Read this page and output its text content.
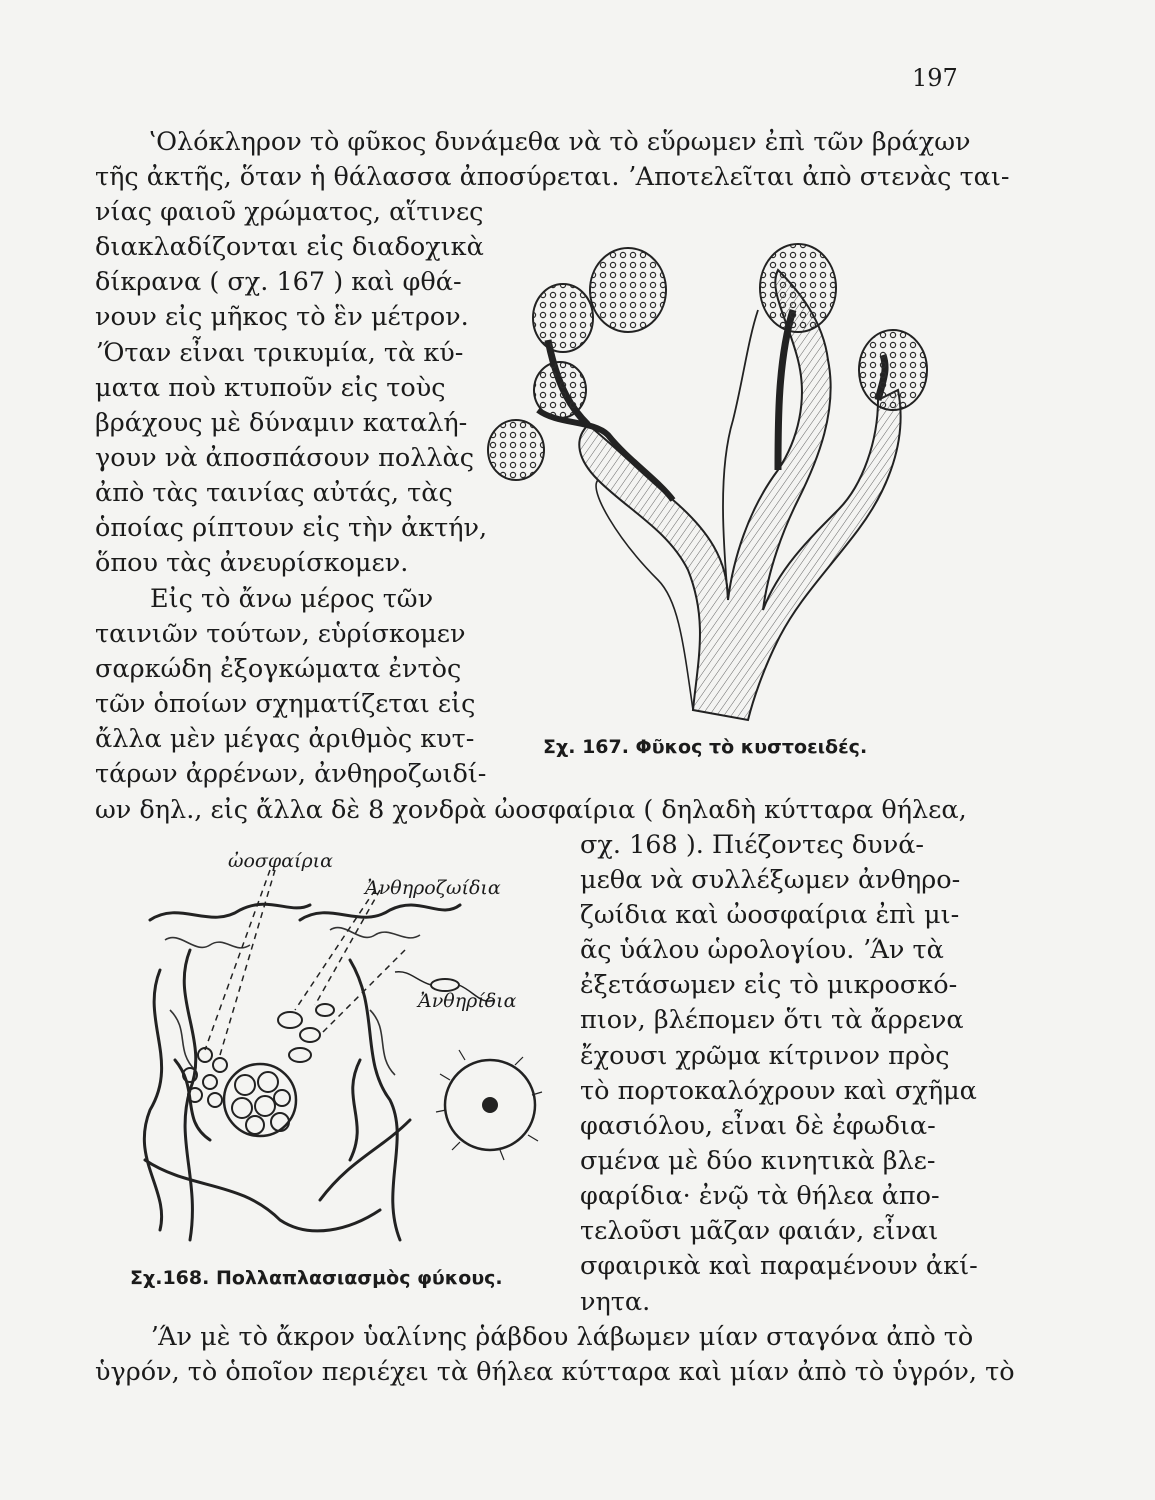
197
ʽΟλόκληρον τὸ φῦκος δυνάμεθα νὰ τὸ εὕρωμεν ἐπὶ τῶν βράχων
τῆς ἀκτῆς, ὅταν ἡ θάλασσα ἀποσύρεται. ʼΑποτελεῖται ἀπὸ στενὰς ται-
νίας φαιοῦ χρώματος, αἵτινες
διακλαδίζονται εἰς διαδοχικὰ
δίκρανα ( σχ. 167 ) καὶ φθά-
νουν εἰς μῆκος τὸ ἓν μέτρον.
ʼΌταν εἶναι τρικυμία, τὰ κύ-
ματα ποὺ κτυποῦν εἰς τοὺς
βράχους μὲ δύναμιν καταλή-
γουν νὰ ἀποσπάσουν πολλὰς
ἀπὸ τὰς ταινίας αὐτάς, τὰς
ὁποίας ρίπτουν εἰς τὴν ἀκτήν,
ὅπου τὰς ἀνευρίσκομεν.
Εἰς τὸ ἄνω μέρος τῶν
ταινιῶν τούτων, εὑρίσκομεν
σαρκώδη ἐξογκώματα ἐντὸς
τῶν ὁποίων σχηματίζεται εἰς
ἄλλα μὲν μέγας ἀριθμὸς κυτ-
τάρων ἀρρένων, ἀνθηροζωιδί-
ων δηλ., εἰς ἄλλα δὲ 8 χονδρὰ ὠοσφαίρια ( δηλαδὴ κύτταρα θήλεα,
σχ. 168 ). Πιέζοντες δυνά-
μεθα νὰ συλλέξωμεν ἀνθηρο-
ζωίδια καὶ ὠοσφαίρια ἐπὶ μι-
ᾶς ὑάλου ὡρολογίου. ʼΆν τὰ
ἐξετάσωμεν εἰς τὸ μικροσκό-
πιον, βλέπομεν ὅτι τὰ ἄρρενα
ἔχουσι χρῶμα κίτρινον πρὸς
τὸ πορτοκαλόχρουν καὶ σχῆμα
φασιόλου, εἶναι δὲ ἐφωδια-
σμένα μὲ δύο κινητικὰ βλε-
φαρίδια· ἐνῷ τὰ θήλεα ἀπο-
τελοῦσι μᾶζαν φαιάν, εἶναι
σφαιρικὰ καὶ παραμένουν ἀκί-
νητα.
ʼΆν μὲ τὸ ἄκρον ὑαλίνης ῥάβδου λάβωμεν μίαν σταγόνα ἀπὸ τὸ
ὑγρόν, τὸ ὁποῖον περιέχει τὰ θήλεα κύτταρα καὶ μίαν ἀπὸ τὸ ὑγρόν, τὸ
Σχ. 167. Φῦκος τὸ κυστοειδές.
ὠοσφαίρια
Ἀνθηροζωίδια
Ἀνθηρίδια
Σχ.168. Πολλαπλασιασμὸς φύκους.
